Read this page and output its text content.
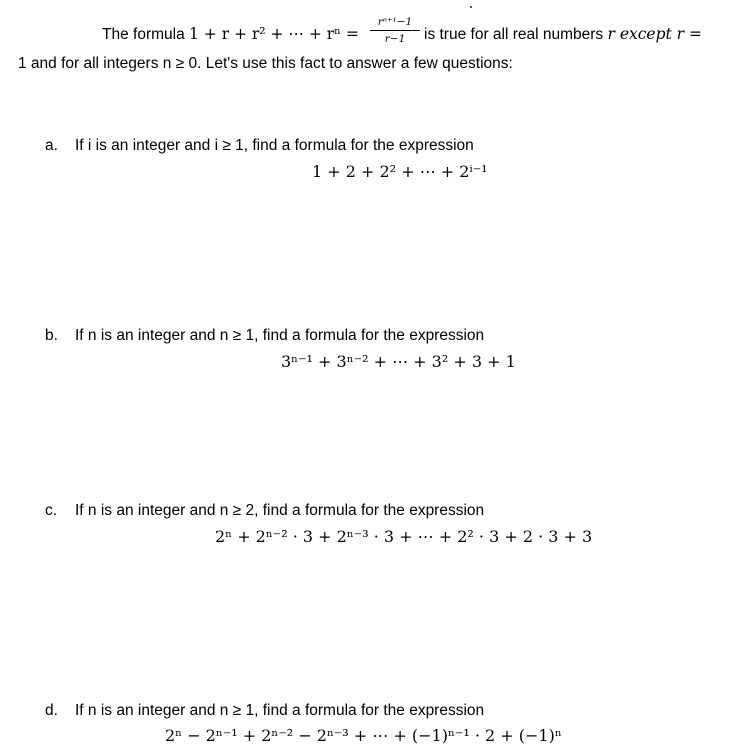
The formula 1 + r + r² + ⋯ + rⁿ =
rⁿ⁺¹−1
r−1	is true for all real numbers r except r =
1 and for all integers n ≥ 0. Let's use this fact to answer a few questions:
a. If i is an integer and i ≥ 1, find a formula for the expression
1 + 2 + 2² + ⋯ + 2ⁱ⁻¹
b. If n is an integer and n ≥ 1, find a formula for the expression
3ⁿ⁻¹ + 3ⁿ⁻² + ⋯ + 3² + 3 + 1
c. If n is an integer and n ≥ 2, find a formula for the expression
2ⁿ + 2ⁿ⁻² · 3 + 2ⁿ⁻³ · 3 + ⋯ + 2² · 3 + 2 · 3 + 3
d. If n is an integer and n ≥ 1, find a formula for the expression
2ⁿ − 2ⁿ⁻¹ + 2ⁿ⁻² − 2ⁿ⁻³ + ⋯ + (−1)ⁿ⁻¹ · 2 + (−1)ⁿ
